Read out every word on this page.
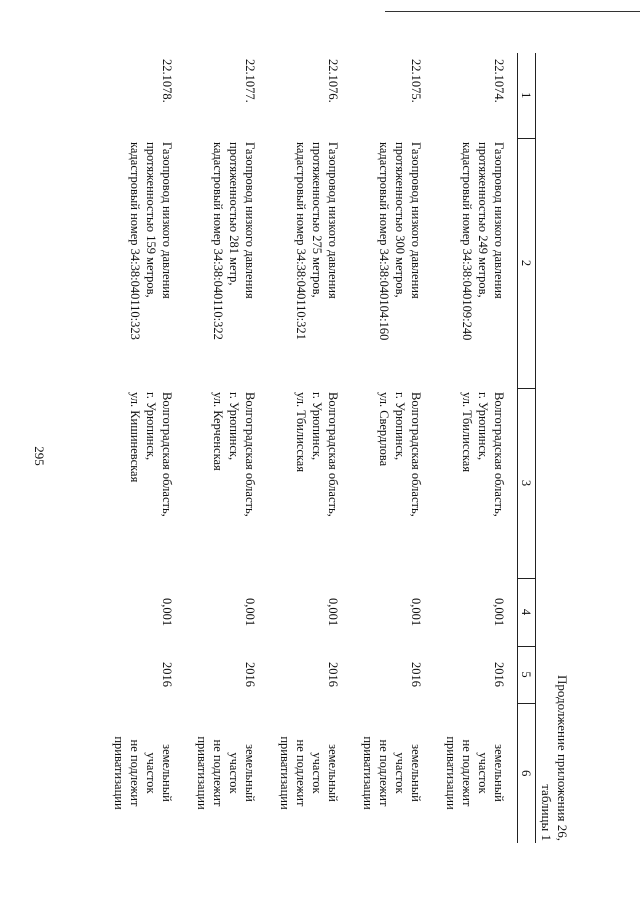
295
Продолжение приложения 26,
таблицы 1
1	2	3	4	5	6
22.1074.	Газопровод низкого давления
протяженностью 249 метров,
кадастровый номер 34:38:040109:240	Волгоградская область,
г. Урюпинск,
ул. Тбилисская	0,001	2016	земельный
участок
не подлежит
приватизации

22.1075.	Газопровод низкого давления
протяженностью 300 метров,
кадастровый номер 34:38:040104:160	Волгоградская область,
г. Урюпинск,
ул. Свердлова	0,001	2016	земельный
участок
не подлежит
приватизации

22.1076.	Газопровод низкого давления
протяженностью 275 метров,
кадастровый номер 34:38:040110:321	Волгоградская область,
г. Урюпинск,
ул. Тбилисская	0,001	2016	земельный
участок
не подлежит
приватизации

22.1077.	Газопровод низкого давления
протяженностью 281 метр,
кадастровый номер 34:38:040110:322	Волгоградская область,
г. Урюпинск,
ул. Керченская	0,001	2016	земельный
участок
не подлежит
приватизации

22.1078.	Газопровод низкого давления
протяженностью 159 метров,
кадастровый номер 34:38:040110:323	Волгоградская область,
г. Урюпинск,
ул. Кишиневская	0,001	2016	земельный
участок
не подлежит
приватизации
